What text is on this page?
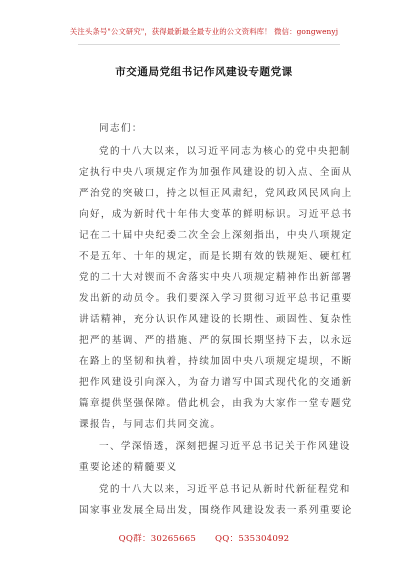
关注头条号"公文研究"，获得最新最全最专业的公文资料库！ 微信：gongwenyj
市交通局党组书记作风建设专题党课
同志们：
党的十八大以来，以习近平同志为核心的党中央把制
定执行中央八项规定作为加强作风建设的切入点、全面从
严治党的突破口，持之以恒正风肃纪，党风政风民风向上
向好，成为新时代十年伟大变革的鲜明标识。习近平总书
记在二十届中央纪委二次全会上深刻指出，中央八项规定
不是五年、十年的规定，而是长期有效的铁规矩、硬杠杠
党的二十大对锲而不舍落实中央八项规定精神作出新部署
发出新的动员令。我们要深入学习贯彻习近平总书记重要
讲话精神，充分认识作风建设的长期性、顽固性、复杂性
把严的基调、严的措施、严的氛围长期坚持下去，以永远
在路上的坚韧和执着，持续加固中央八项规定堤坝，不断
把作风建设引向深入，为奋力谱写中国式现代化的交通新
篇章提供坚强保障。借此机会，由我为大家作一堂专题党
课报告，与同志们共同交流。
一、学深悟透，深刻把握习近平总书记关于作风建设
重要论述的精髓要义
党的十八大以来，习近平总书记从新时代新征程党和
国家事业发展全局出发，围绕作风建设发表一系列重要论
QQ群：30265665 QQ：535304092
